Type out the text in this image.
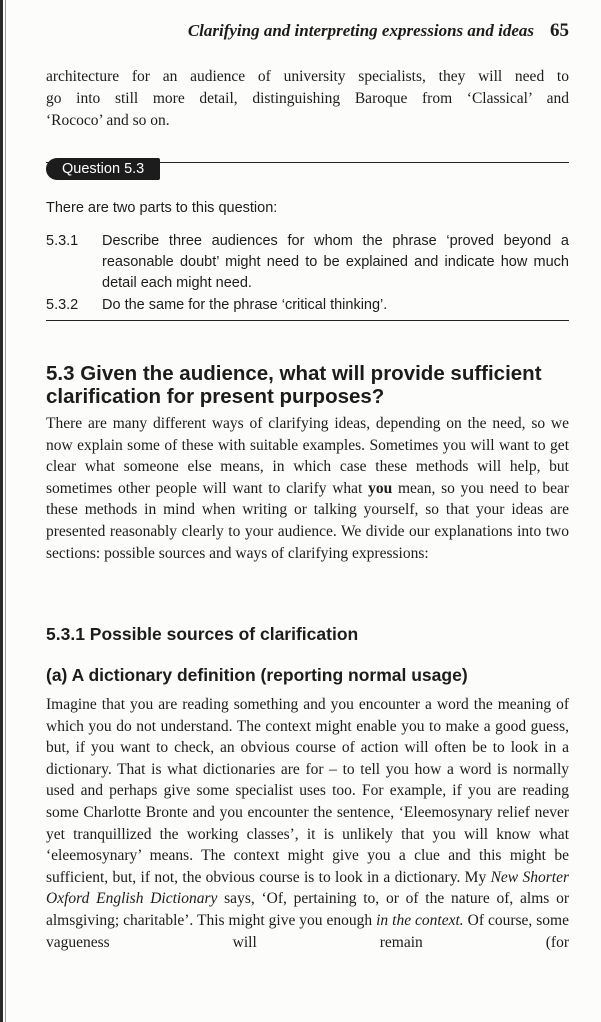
Clarifying and interpreting expressions and ideas 65

architecture for an audience of university specialists, they will need to

go into still more detail, distinguishing Baroque from ‘Classical’ and

‘Rococo’ and so on.

Question 5.3
There are two parts to this question:
5.3.1	Describe three audiences for whom the phrase ‘proved beyond a reasonable doubt’ might need to be explained and indicate how much detail each might need.
5.3.2	Do the same for the phrase ‘critical thinking’.
5.3 Given the audience, what will provide sufficient clarification for present purposes?

There are many different ways of clarifying ideas, depending on the need, so we now explain some of these with suitable examples. Sometimes you will want to get clear what someone else means, in which case these methods will help, but sometimes other people will want to clarify what you mean, so you need to bear these methods in mind when writing or talking yourself, so that your ideas are presented reasonably clearly to your audience. We divide our explanations into two sections: possible sources and ways of clarifying expressions:

5.3.1 Possible sources of clarification
(a) A dictionary definition (reporting normal usage)

Imagine that you are reading something and you encounter a word the meaning of which you do not understand. The context might enable you to make a good guess, but, if you want to check, an obvious course of action will often be to look in a dictionary. That is what dictionaries are for – to tell you how a word is normally used and perhaps give some specialist uses too. For example, if you are reading some Charlotte Bronte and you encounter the sentence, ‘Eleemosynary relief never yet tranquillized the working classes’, it is unlikely that you will know what ‘eleemosynary’ means. The context might give you a clue and this might be sufficient, but, if not, the obvious course is to look in a dictionary. My New Shorter Oxford English Dictionary says, ‘Of, pertaining to, or of the nature of, alms or almsgiving; charitable’. This might give you enough in the context. Of course, some vagueness will remain (for
